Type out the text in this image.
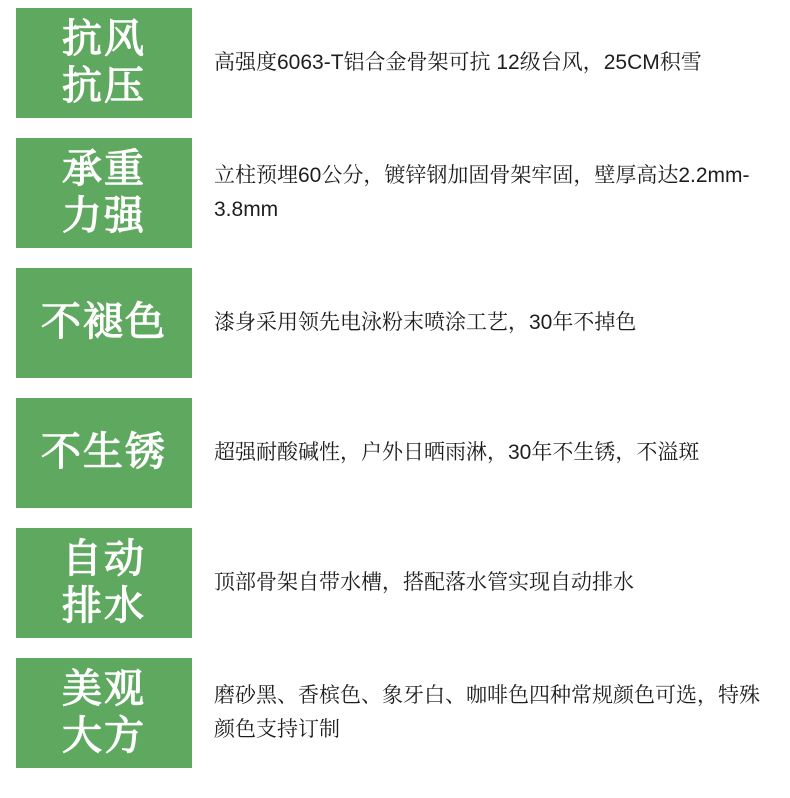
抗风
抗压
高强度6063-T铝合金骨架可抗 12级台风，25CM积雪
承重
力强
立柱预埋60公分，镀锌钢加固骨架牢固，壁厚高达2.2mm-3.8mm
不褪色 漆身采用领先电泳粉末喷涂工艺，30年不掉色
不生锈 超强耐酸碱性，户外日晒雨淋，30年不生锈，不溢斑
自动
排水
顶部骨架自带水槽，搭配落水管实现自动排水
美观
大方
磨砂黑、香槟色、象牙白、咖啡色四种常规颜色可选，特殊颜色支持订制
